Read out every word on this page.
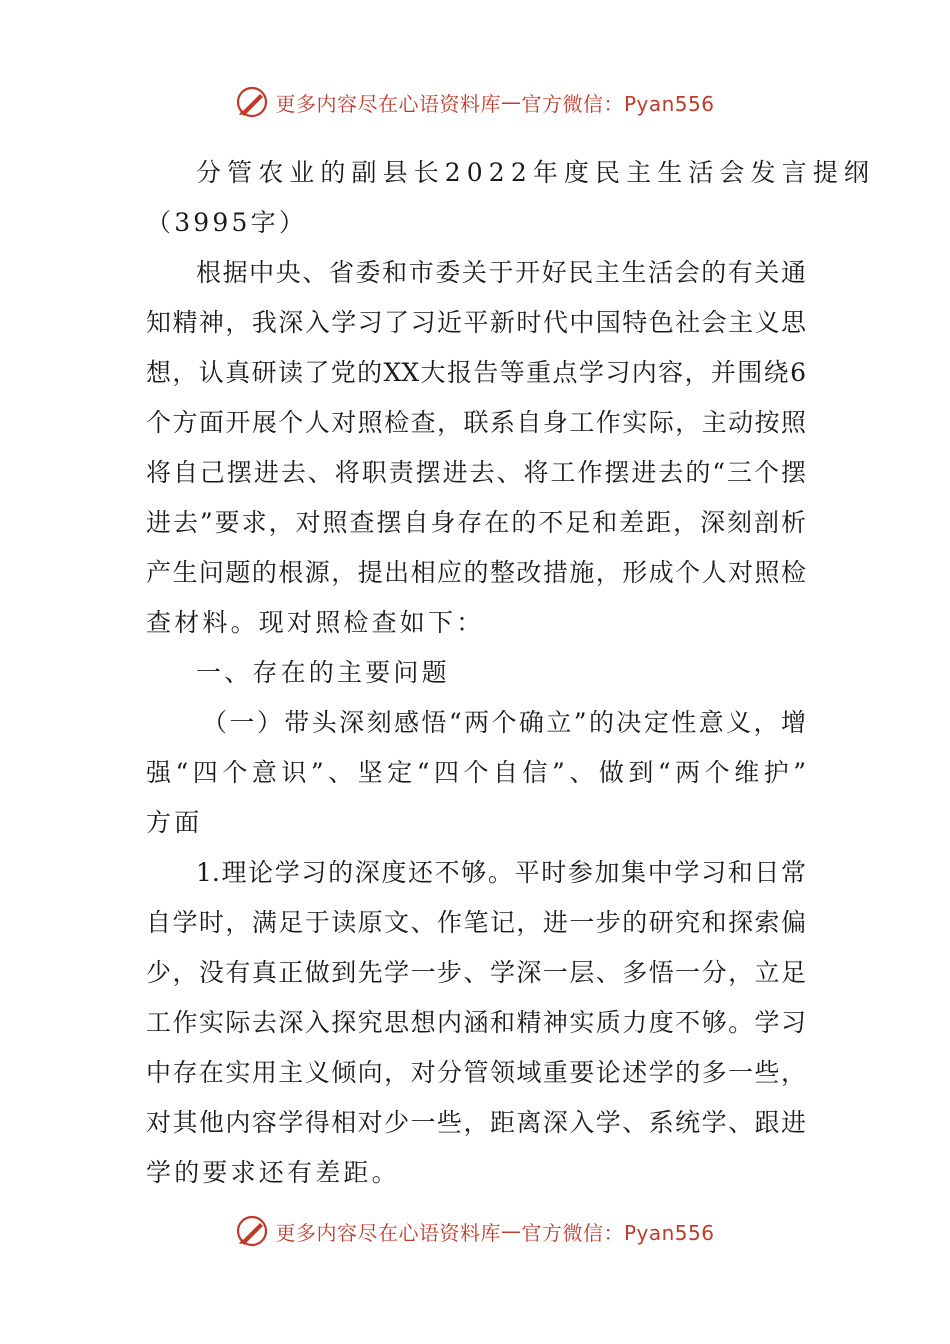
更多内容尽在心语资料库 — 官方微信：Pyan556
分管农业的副县长2022年度民主生活会发言提纲
（3995字）
根据中央、省委和市委关于开好民主生活会的有关通
知精神，我深入学习了习近平新时代中国特色社会主义思
想，认真研读了党的XX大报告等重点学习内容，并围绕6
个方面开展个人对照检查，联系自身工作实际，主动按照
将自己摆进去、将职责摆进去、将工作摆进去的“三个摆
进去”要求，对照查摆自身存在的不足和差距，深刻剖析
产生问题的根源，提出相应的整改措施，形成个人对照检
查材料。现对照检查如下：
一、存在的主要问题
（一）带头深刻感悟“两个确立”的决定性意义，增
强“四个意识”、坚定“四个自信”、做到“两个维护”
方面
1.理论学习的深度还不够。平时参加集中学习和日常
自学时，满足于读原文、作笔记，进一步的研究和探索偏
少，没有真正做到先学一步、学深一层、多悟一分，立足
工作实际去深入探究思想内涵和精神实质力度不够。学习
中存在实用主义倾向，对分管领域重要论述学的多一些，
对其他内容学得相对少一些，距离深入学、系统学、跟进
学的要求还有差距。
更多内容尽在心语资料库 — 官方微信：Pyan556
